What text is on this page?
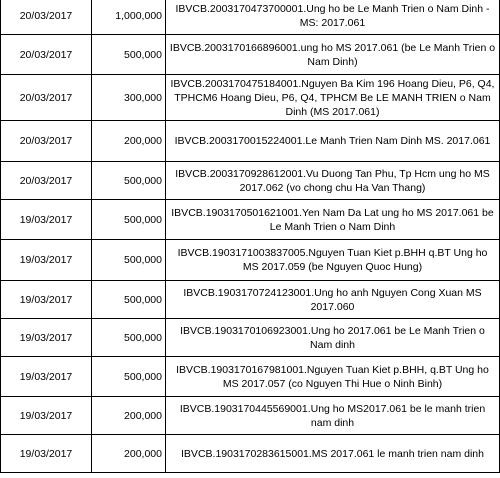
20/03/2017	1,000,000	IBVCB.2003170473700001.Ung ho be Le Manh Trien o Nam Dinh - MS: 2017.061
20/03/2017	500,000	IBVCB.2003170166896001.ung ho MS 2017.061 (be Le Manh Trien o Nam Dinh)
20/03/2017	300,000	IBVCB.2003170475184001.Nguyen Ba Kim 196 Hoang Dieu, P6, Q4, TPHCM6 Hoang Dieu, P6, Q4, TPHCM Be LE MANH TRIEN o Nam Dinh (MS 2017.061)
20/03/2017	200,000	IBVCB.2003170015224001.Le Manh Trien Nam Dinh MS. 2017.061
20/03/2017	500,000	IBVCB.2003170928612001.Vu Duong Tan Phu, Tp Hcm ung ho MS 2017.062 (vo chong chu Ha Van Thang)
19/03/2017	500,000	IBVCB.1903170501621001.Yen Nam Da Lat ung ho MS 2017.061 be Le Manh Trien o Nam Dinh
19/03/2017	500,000	IBVCB.1903171003837005.Nguyen Tuan Kiet p.BHH q.BT Ung ho MS 2017.059 (be Nguyen Quoc Hung)
19/03/2017	500,000	IBVCB.1903170724123001.Ung ho anh Nguyen Cong Xuan MS 2017.060
19/03/2017	500,000	IBVCB.1903170106923001.Ung ho 2017.061 be Le Manh Trien o Nam dinh
19/03/2017	500,000	IBVCB.1903170167981001.Nguyen Tuan Kiet p.BHH, q.BT Ung ho MS 2017.057 (co Nguyen Thi Hue o Ninh Binh)
19/03/2017	200,000	IBVCB.1903170445569001.Ung ho MS2017.061 be le manh trien nam dinh
19/03/2017	200,000	IBVCB.1903170283615001.MS 2017.061 le manh trien nam dinh
